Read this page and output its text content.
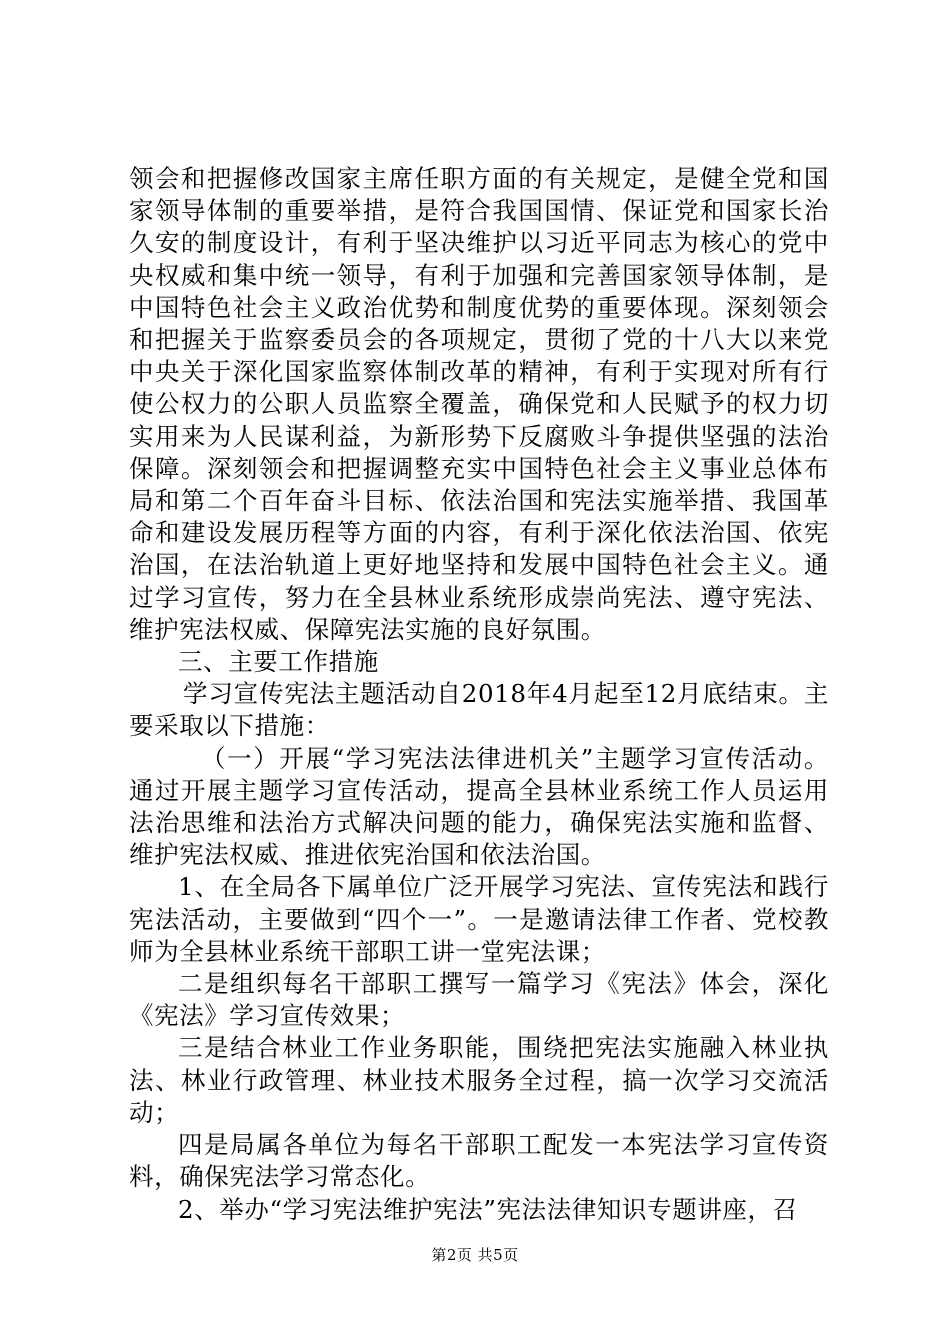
领会和把握修改国家主席任职方面的有关规定，是健全党和国家领导体制的重要举措，是符合我国国情、保证党和国家长治久安的制度设计，有利于坚决维护以习近平同志为核心的党中央权威和集中统一领导，有利于加强和完善国家领导体制，是中国特色社会主义政治优势和制度优势的重要体现。深刻领会和把握关于监察委员会的各项规定，贯彻了党的十八大以来党中央关于深化国家监察体制改革的精神，有利于实现对所有行使公权力的公职人员监察全覆盖，确保党和人民赋予的权力切实用来为人民谋利益，为新形势下反腐败斗争提供坚强的法治保障。深刻领会和把握调整充实中国特色社会主义事业总体布局和第二个百年奋斗目标、依法治国和宪法实施举措、我国革命和建设发展历程等方面的内容，有利于深化依法治国、依宪治国，在法治轨道上更好地坚持和发展中国特色社会主义。通过学习宣传，努力在全县林业系统形成崇尚宪法、遵守宪法、维护宪法权威、保障宪法实施的良好氛围。

三、主要工作措施

学习宣传宪法主题活动自2018年4月起至12月底结束。主要采取以下措施：

（一）开展“学习宪法法律进机关”主题学习宣传活动。通过开展主题学习宣传活动，提高全县林业系统工作人员运用法治思维和法治方式解决问题的能力，确保宪法实施和监督、维护宪法权威、推进依宪治国和依法治国。

1、在全局各下属单位广泛开展学习宪法、宣传宪法和践行宪法活动，主要做到“四个一”。一是邀请法律工作者、党校教师为全县林业系统干部职工讲一堂宪法课；

二是组织每名干部职工撰写一篇学习《宪法》体会，深化《宪法》学习宣传效果；

三是结合林业工作业务职能，围绕把宪法实施融入林业执法、林业行政管理、林业技术服务全过程，搞一次学习交流活动；

四是局属各单位为每名干部职工配发一本宪法学习宣传资料，确保宪法学习常态化。

2、举办“学习宪法维护宪法”宪法法律知识专题讲座，召

第2页 共5页
